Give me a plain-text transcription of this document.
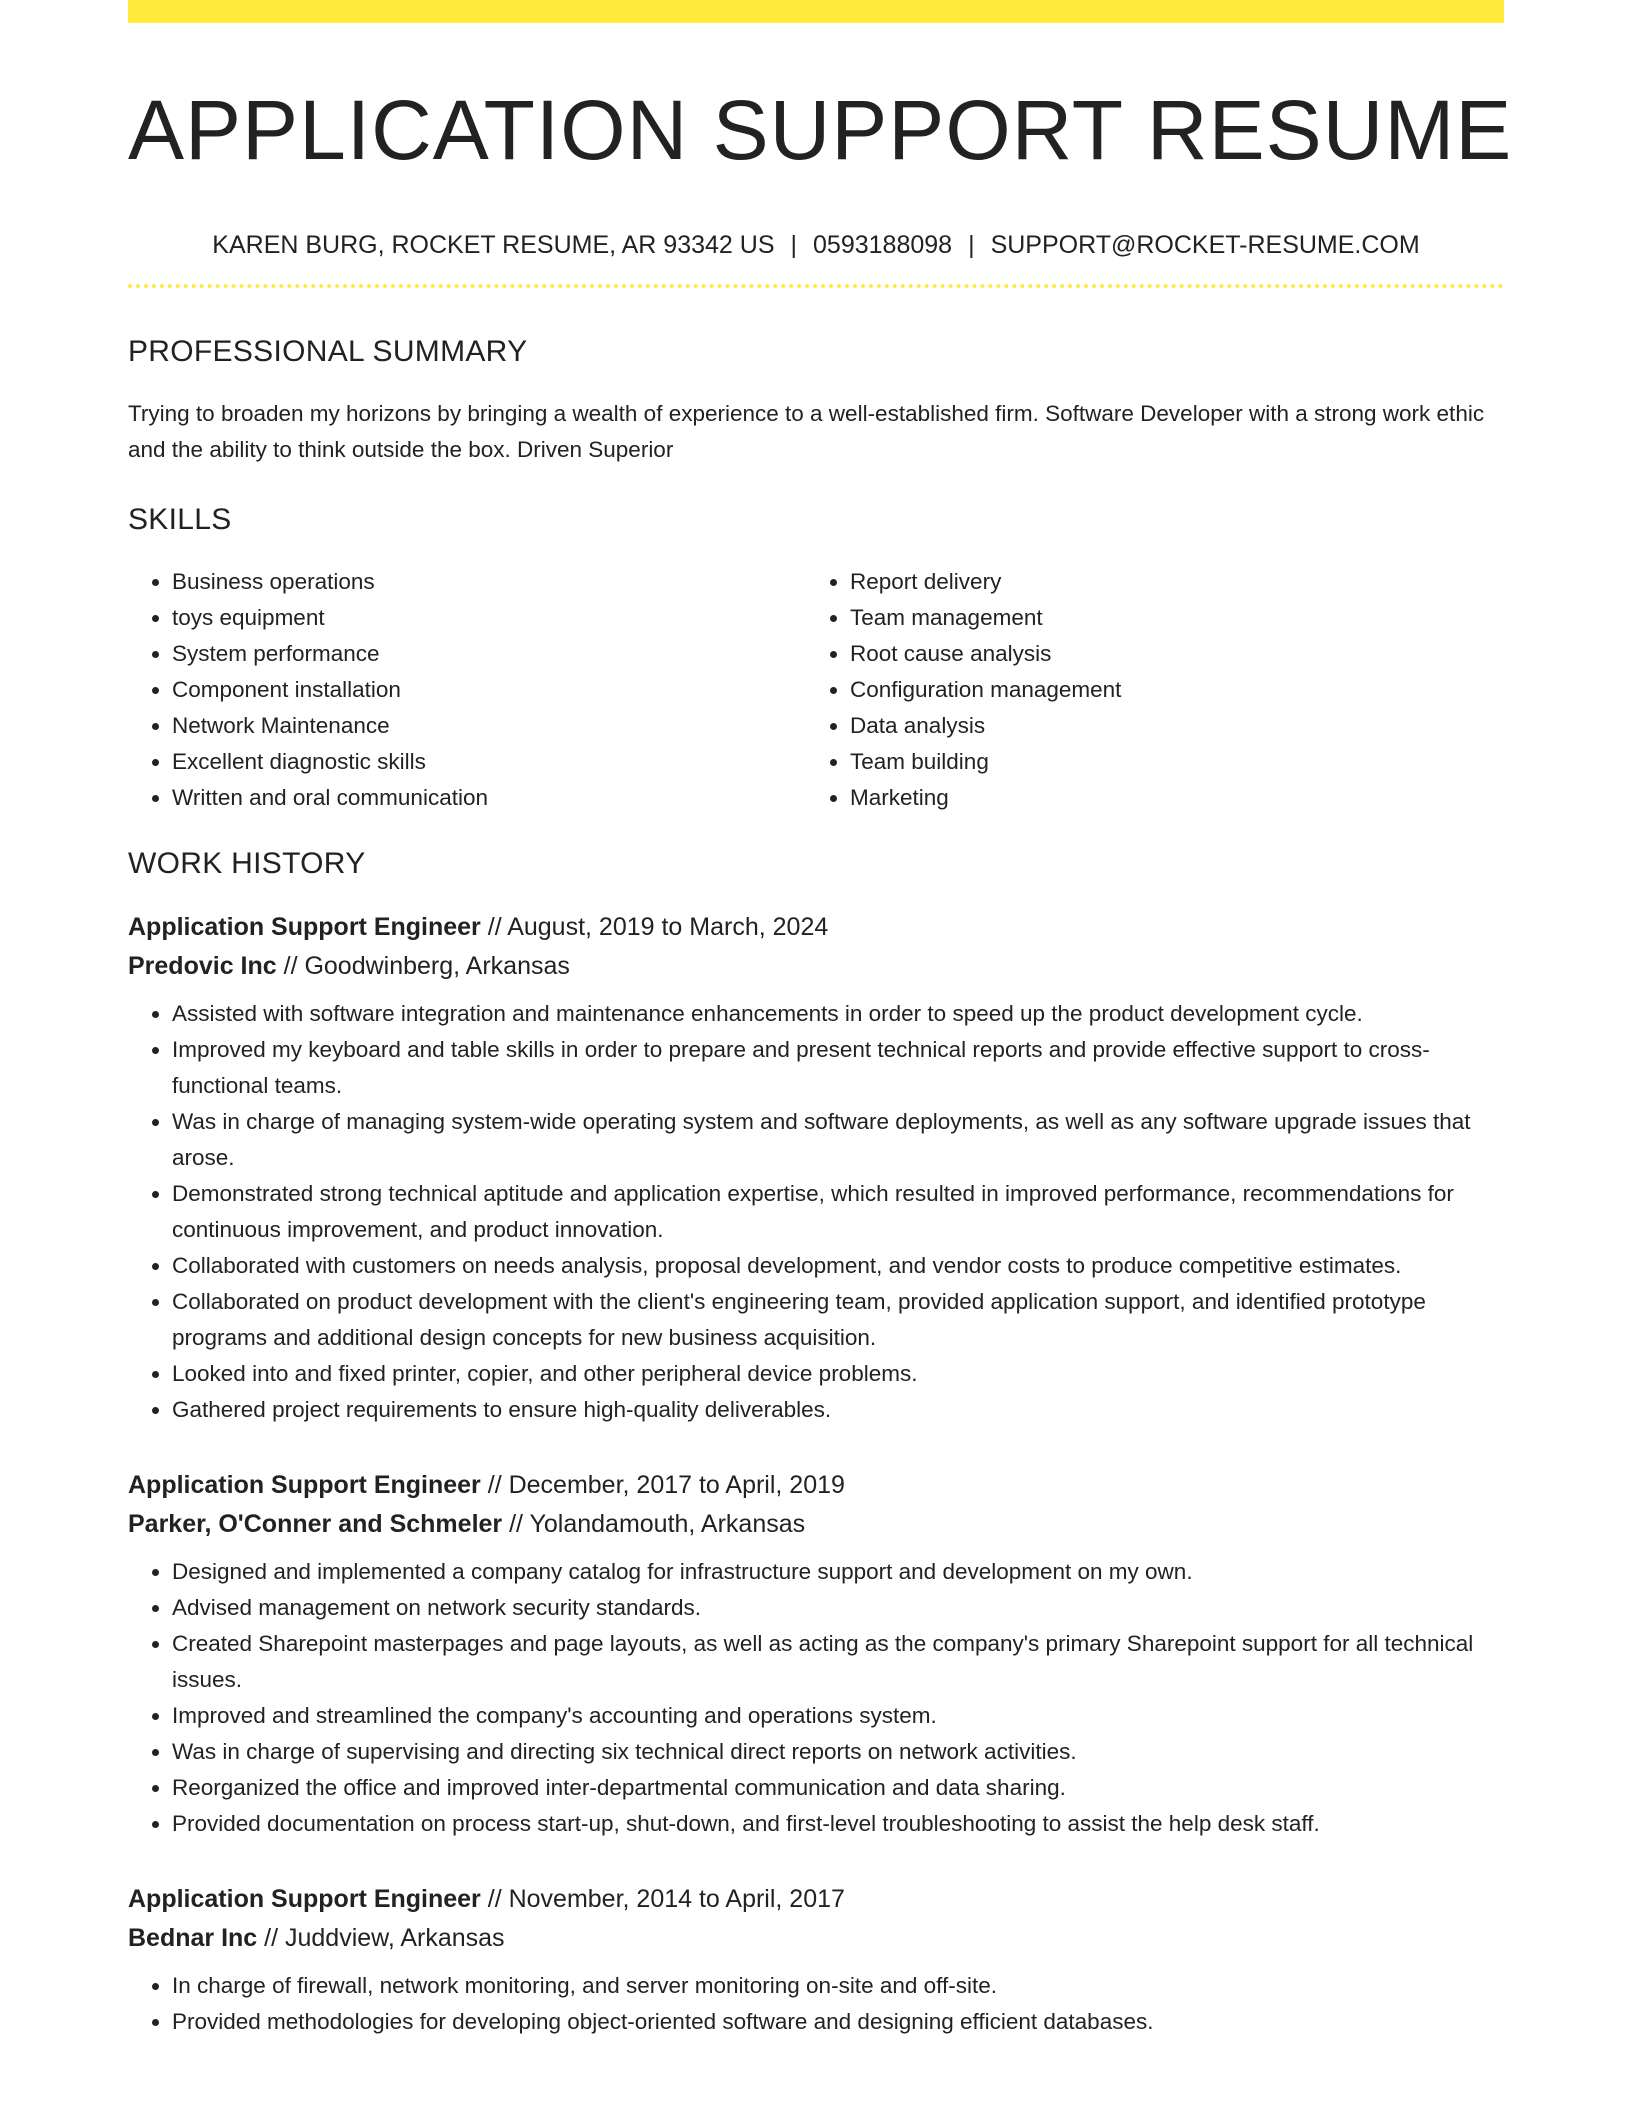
APPLICATION SUPPORT RESUME
KAREN BURG, ROCKET RESUME, AR 93342 US | 0593188098 | SUPPORT@ROCKET-RESUME.COM
PROFESSIONAL SUMMARY
Trying to broaden my horizons by bringing a wealth of experience to a well-established firm. Software Developer with a strong work ethic and the ability to think outside the box. Driven Superior
SKILLS
• Business operations
• toys equipment
• System performance
• Component installation
• Network Maintenance
• Excellent diagnostic skills
• Written and oral communication
• Report delivery
• Team management
• Root cause analysis
• Configuration management
• Data analysis
• Team building
• Marketing
WORK HISTORY
Application Support Engineer // August, 2019 to March, 2024
Predovic Inc // Goodwinberg, Arkansas
• Assisted with software integration and maintenance enhancements in order to speed up the product development cycle.
• Improved my keyboard and table skills in order to prepare and present technical reports and provide effective support to cross-functional teams.
• Was in charge of managing system-wide operating system and software deployments, as well as any software upgrade issues that arose.
• Demonstrated strong technical aptitude and application expertise, which resulted in improved performance, recommendations for continuous improvement, and product innovation.
• Collaborated with customers on needs analysis, proposal development, and vendor costs to produce competitive estimates.
• Collaborated on product development with the client's engineering team, provided application support, and identified prototype programs and additional design concepts for new business acquisition.
• Looked into and fixed printer, copier, and other peripheral device problems.
• Gathered project requirements to ensure high-quality deliverables.
Application Support Engineer // December, 2017 to April, 2019
Parker, O'Conner and Schmeler // Yolandamouth, Arkansas
• Designed and implemented a company catalog for infrastructure support and development on my own.
• Advised management on network security standards.
• Created Sharepoint masterpages and page layouts, as well as acting as the company's primary Sharepoint support for all technical issues.
• Improved and streamlined the company's accounting and operations system.
• Was in charge of supervising and directing six technical direct reports on network activities.
• Reorganized the office and improved inter-departmental communication and data sharing.
• Provided documentation on process start-up, shut-down, and first-level troubleshooting to assist the help desk staff.
Application Support Engineer // November, 2014 to April, 2017
Bednar Inc // Juddview, Arkansas
• In charge of firewall, network monitoring, and server monitoring on-site and off-site.
• Provided methodologies for developing object-oriented software and designing efficient databases.
